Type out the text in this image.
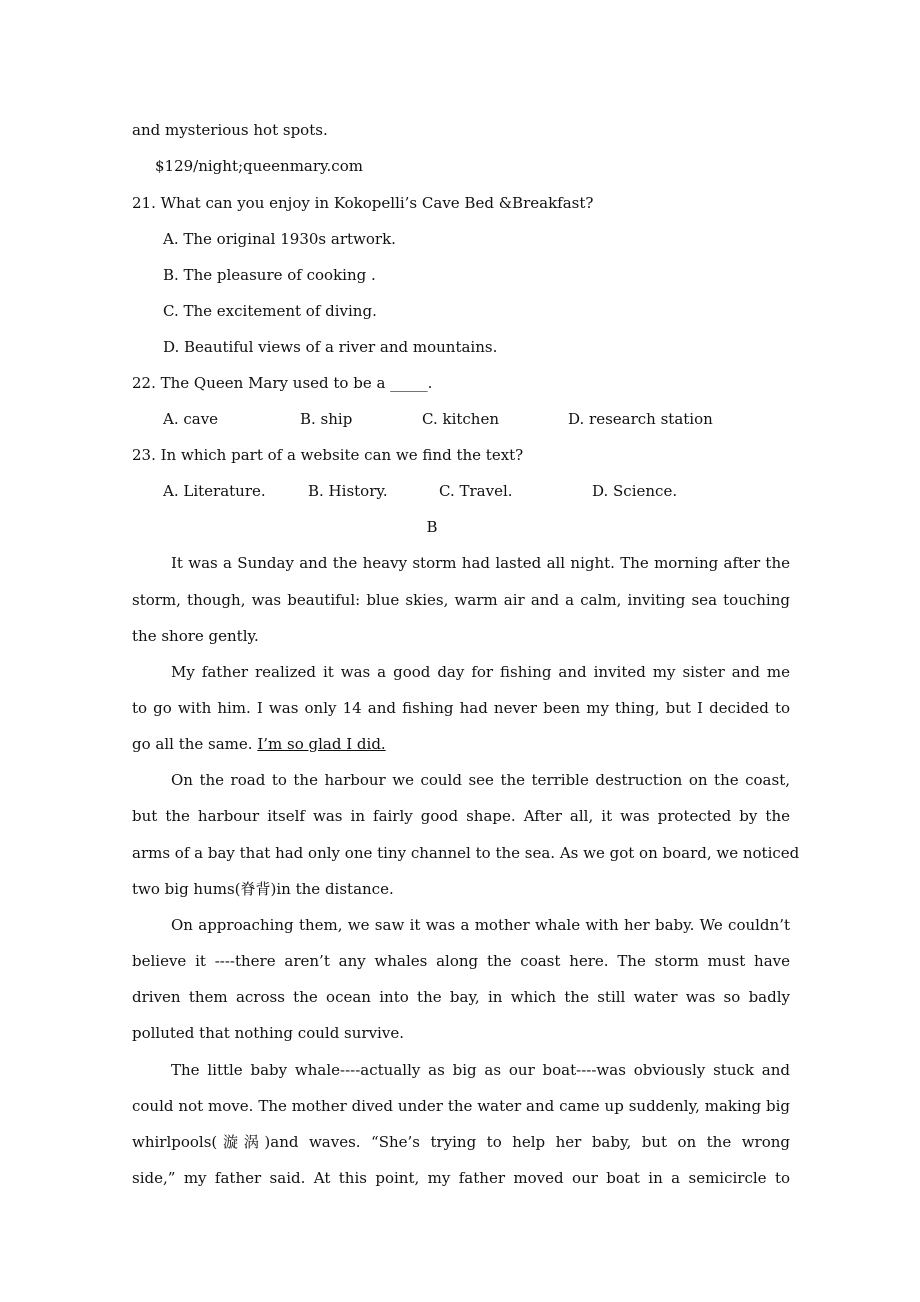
and mysterious hot spots.
$129/night;queenmary.com
21. What can you enjoy in Kokopelli’s Cave Bed &Breakfast?
A. The original 1930s artwork.
B. The pleasure of cooking .
C. The excitement of diving.
D. Beautiful views of a river and mountains.
22. The Queen Mary used to be a _____.
A. cave	B. ship	C. kitchen	D. research station
23. In which part of a website can we find the text?
A. Literature.	B. History.	C. Travel.	D. Science.
B
It was a Sunday and the heavy storm had lasted all night. The morning after the
storm, though, was beautiful: blue skies, warm air and a calm, inviting sea touching
the shore gently.
My father realized it was a good day for fishing and invited my sister and me
to go with him. I was only 14 and fishing had never been my thing, but I decided to
go all the same. I’m so glad I did.
On the road to the harbour we could see the terrible destruction on the coast,
but the harbour itself was in fairly good shape. After all, it was protected by the
arms of a bay that had only one tiny channel to the sea. As we got on board, we noticed
two big hums(脊背)in the distance.
On approaching them, we saw it was a mother whale with her baby. We couldn’t
believe it ----there aren’t any whales along the coast here. The storm must have
driven them across the ocean into the bay, in which the still water was so badly
polluted that nothing could survive.
The little baby whale----actually as big as our boat----was obviously stuck and
could not move. The mother dived under the water and came up suddenly, making big
whirlpools(漩涡)and waves. “She’s trying to help her baby, but on the wrong
side,” my father said. At this point, my father moved our boat in a semicircle to
